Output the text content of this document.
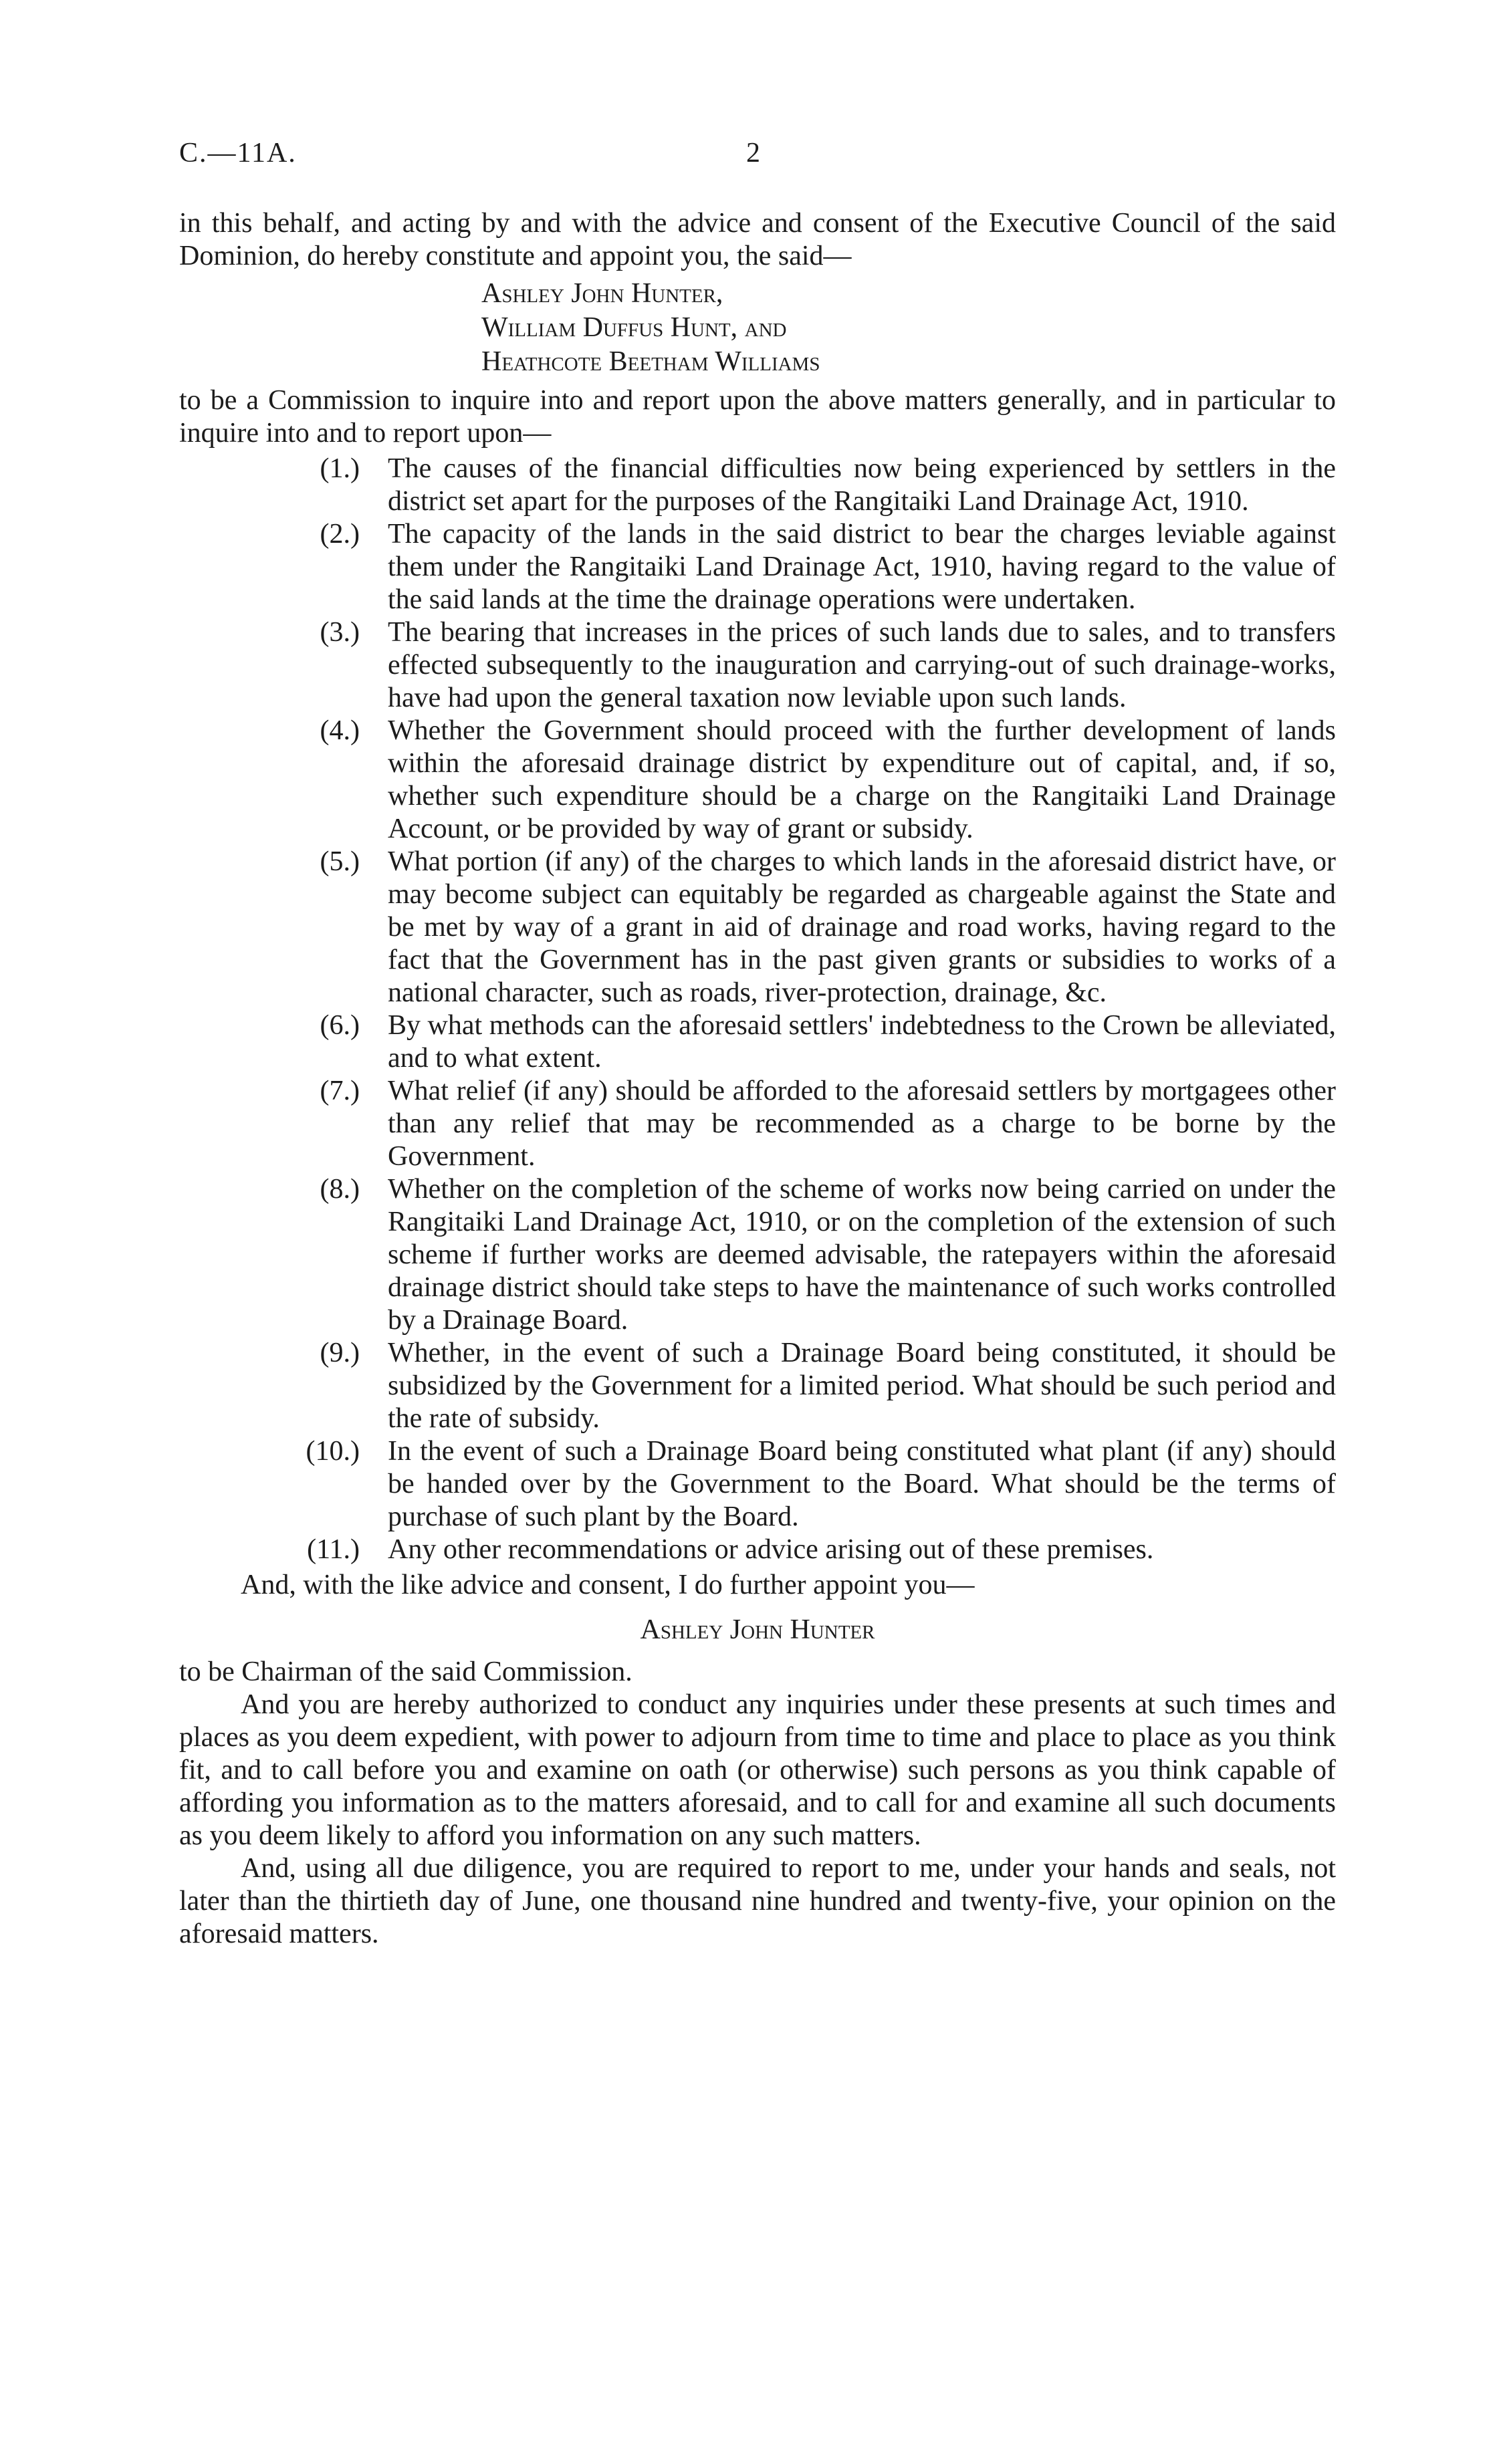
C.—11A.	2

in this behalf, and acting by and with the advice and consent of the Executive Council of the said Dominion, do hereby constitute and appoint you, the said—

Ashley John Hunter,
William Duffus Hunt, and
Heathcote Beetham Williams

to be a Commission to inquire into and report upon the above matters generally, and in particular to inquire into and to report upon—

(1.) The causes of the financial difficulties now being experienced by settlers in the district set apart for the purposes of the Rangitaiki Land Drainage Act, 1910.
(2.) The capacity of the lands in the said district to bear the charges leviable against them under the Rangitaiki Land Drainage Act, 1910, having regard to the value of the said lands at the time the drainage operations were undertaken.
(3.) The bearing that increases in the prices of such lands due to sales, and to transfers effected subsequently to the inauguration and carrying-out of such drainage-works, have had upon the general taxation now leviable upon such lands.
(4.) Whether the Government should proceed with the further development of lands within the aforesaid drainage district by expenditure out of capital, and, if so, whether such expenditure should be a charge on the Rangitaiki Land Drainage Account, or be provided by way of grant or subsidy.
(5.) What portion (if any) of the charges to which lands in the aforesaid district have, or may become subject can equitably be regarded as chargeable against the State and be met by way of a grant in aid of drainage and road works, having regard to the fact that the Government has in the past given grants or subsidies to works of a national character, such as roads, river-protection, drainage, &c.
(6.) By what methods can the aforesaid settlers' indebtedness to the Crown be alleviated, and to what extent.
(7.) What relief (if any) should be afforded to the aforesaid settlers by mortgagees other than any relief that may be recommended as a charge to be borne by the Government.
(8.) Whether on the completion of the scheme of works now being carried on under the Rangitaiki Land Drainage Act, 1910, or on the completion of the extension of such scheme if further works are deemed advisable, the ratepayers within the aforesaid drainage district should take steps to have the maintenance of such works controlled by a Drainage Board.
(9.) Whether, in the event of such a Drainage Board being constituted, it should be subsidized by the Government for a limited period. What should be such period and the rate of subsidy.
(10.) In the event of such a Drainage Board being constituted what plant (if any) should be handed over by the Government to the Board. What should be the terms of purchase of such plant by the Board.
(11.) Any other recommendations or advice arising out of these premises.

And, with the like advice and consent, I do further appoint you—

Ashley John Hunter

to be Chairman of the said Commission.

And you are hereby authorized to conduct any inquiries under these presents at such times and places as you deem expedient, with power to adjourn from time to time and place to place as you think fit, and to call before you and examine on oath (or otherwise) such persons as you think capable of affording you information as to the matters aforesaid, and to call for and examine all such documents as you deem likely to afford you information on any such matters.

And, using all due diligence, you are required to report to me, under your hands and seals, not later than the thirtieth day of June, one thousand nine hundred and twenty-five, your opinion on the aforesaid matters.
